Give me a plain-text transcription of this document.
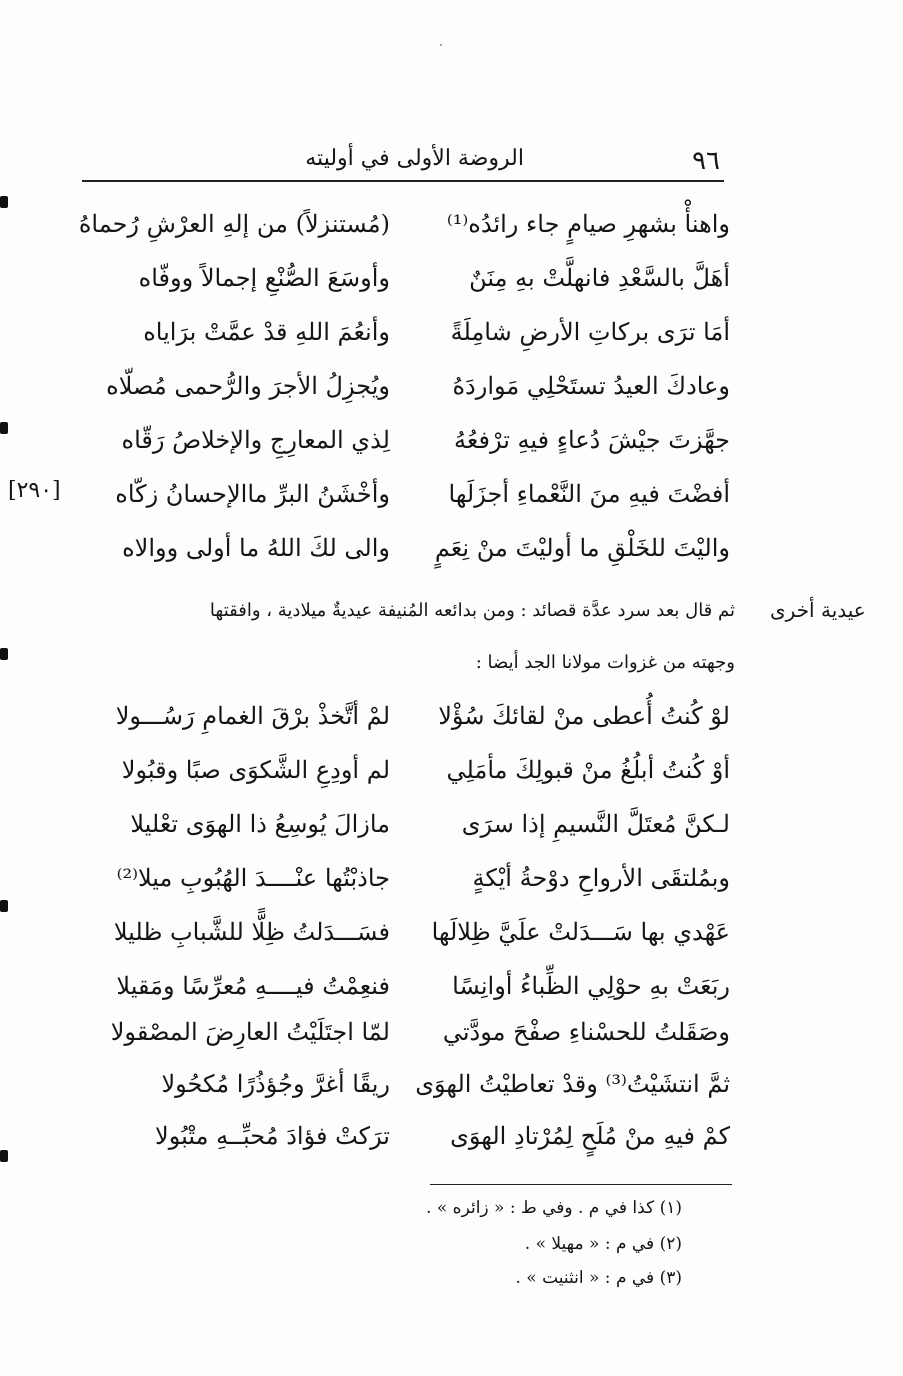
٩٦
الروضة الأولى في أوليته
[٢٩٠]
عيدية أخرى
واهنأْ بشهرِ صيامٍ جاء رائدُه⁽¹⁾
(مُستنزلاً) من إلهِ العرْشِ رُحماهُ
أهَلَّ بالسَّعْدِ فانهلَّتْ بهِ مِنَنٌ
وأوسَعَ الصُّنْعِ إجمالاً ووفّاه
أمَا ترَى بركاتِ الأرضِ شامِلَةً
وأنعُمَ اللهِ قدْ عمَّتْ برَاياه
وعادكَ العيدُ تستَحْلِي مَواردَهُ
ويُجزِلُ الأجرَ والرُّحمى مُصلّاه
جهَّزتَ جيْشَ دُعاءٍ فيهِ ترْفعُهُ
لِذي المعارِجِ والإخلاصُ رَقّاه
أفضْتَ فيهِ منَ النَّعْماءِ أجزَلَها
وأخْشَنُ البرِّ ماالإحسانُ زكّاه
واليْتَ للخَلْقِ ما أوليْتَ منْ نِعَمٍ
والى لكَ اللهُ ما أولى ووالاه
ثم قال بعد سرد عدَّة قصائد : ومن بدائعه المُنيفة عيديةٌ ميلادية ، وافقتها
وجهته من غزوات مولانا الجد أيضا :
لوْ كُنتُ أُعطى منْ لقائكَ سُؤْلا
لمْ أتَّخذْ برْقَ الغمامِ رَسُـــولا
أوْ كُنتُ أبلُغُ منْ قبولِكَ مأمَلِي
لم أودِعِ الشَّكوَى صبًا وقبُولا
لـكنَّ مُعتَلَّ النَّسيمِ إذا سرَى
مازالَ يُوسِعُ ذا الهوَى تعْليلا
وبمُلتقَى الأرواحِ دوْحةُ أيْكةٍ
جاذبْتُها عنْــــدَ الهُبُوبِ ميلا⁽²⁾
عَهْدي بها سَـــدَلتْ علَيَّ ظِلالَها
فسَـــدَلتُ ظِلًّا للشَّبابِ ظليلا
ربَعَتْ بهِ حوْلِي الظِّباءُ أوانِسًا
فنعِمْتُ فيــــهِ مُعرِّسًا ومَقيلا
وصَقَلتُ للحسْناءِ صفْحَ مودَّتي
لمّا اجتَلَيْتُ العارِضَ المصْقولا
ثمَّ انتشَيْتُ⁽³⁾ وقدْ تعاطيْتُ الهوَى
ريقًا أغرَّ وجُؤذُرًا مُكحُولا
كمْ فيهِ منْ مُلَحٍ لِمُرْتادِ الهوَى
ترَكتْ فؤادَ مُحبِّــهِ متْبُولا
(١) كذا في م . وفي ط : « زائره » .
(٢) في م : « مهيلا » .
(٣) في م : « انثنيت » .
